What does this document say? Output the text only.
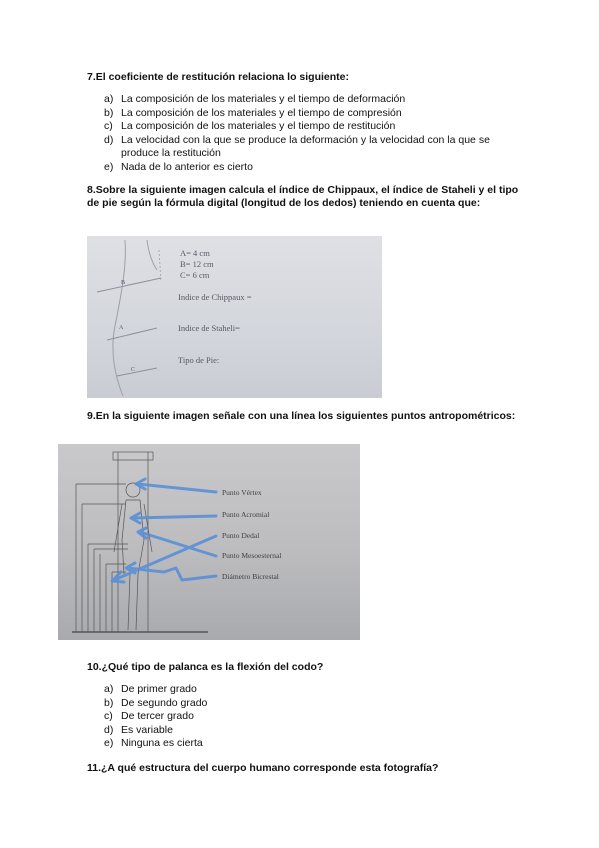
7.El coeficiente de restitución relaciona lo siguiente:
a) La composición de los materiales y el tiempo de deformación
b) La composición de los materiales y el tiempo de compresión
c) La composición de los materiales y el tiempo de restitución
d) La velocidad con la que se produce la deformación y la velocidad con la que se produce la restitución
e) Nada de lo anterior es cierto
8.Sobre la siguiente imagen calcula el índice de Chippaux, el índice de Staheli y el tipo de pie según la fórmula digital (longitud de los dedos) teniendo en cuenta que:
B
A
C
A= 4 cm
B= 12 cm
C= 6 cm
Indice de Chippaux =
Indice de Staheli=
Tipo de Pie:
9.En la siguiente imagen señale con una línea los siguientes puntos antropométricos:
Punto Vértex
Punto Acromial
Punto Dedal
Punto Mesoesternal
Diámetro Bicrestal
10.¿Qué tipo de palanca es la flexión del codo?
a) De primer grado
b) De segundo grado
c) De tercer grado
d) Es variable
e) Ninguna es cierta
11.¿A qué estructura del cuerpo humano corresponde esta fotografía?
